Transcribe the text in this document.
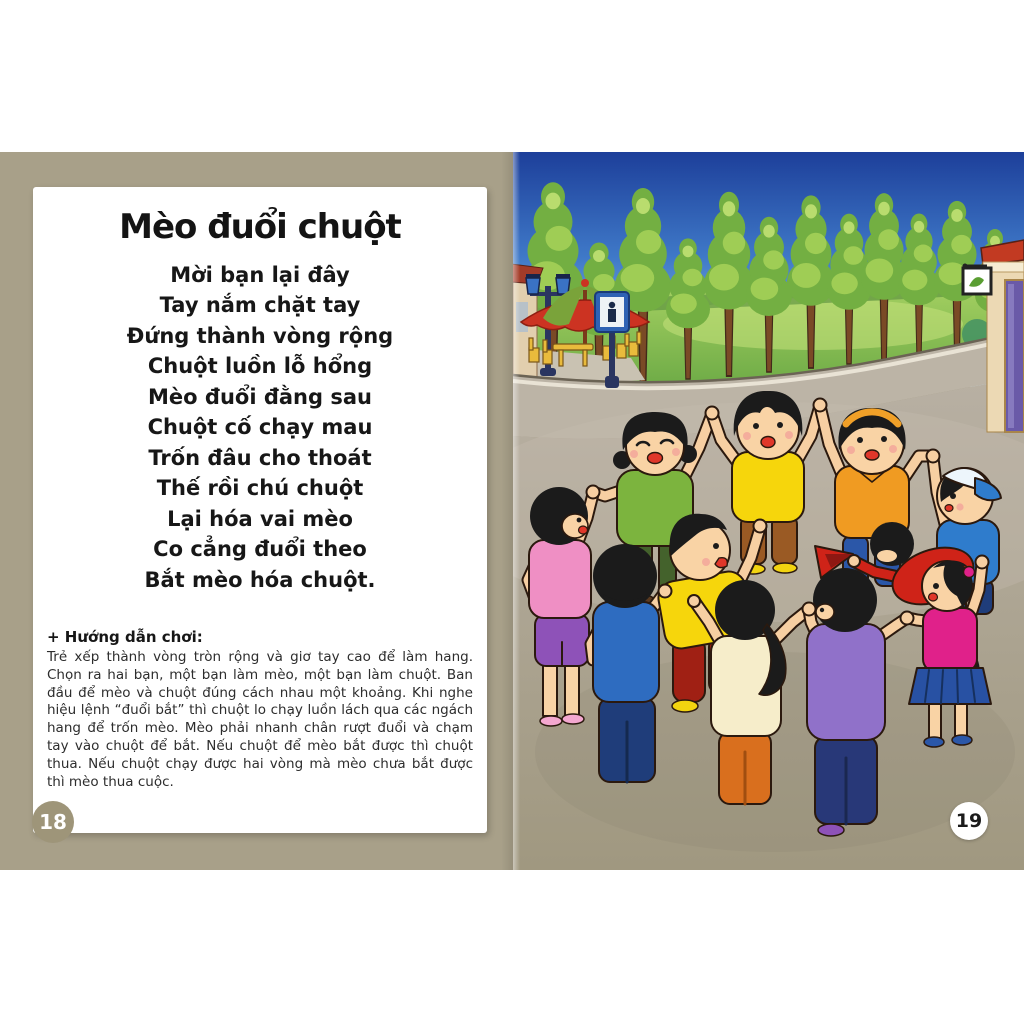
Mèo đuổi chuột
Mời bạn lại đây
Tay nắm chặt tay
Đứng thành vòng rộng
Chuột luồn lỗ hổng
Mèo đuổi đằng sau
Chuột cố chạy mau
Trốn đâu cho thoát
Thế rồi chú chuột
Lại hóa vai mèo
Co cẳng đuổi theo
Bắt mèo hóa chuột.
+ Hướng dẫn chơi:

Trẻ xếp thành vòng tròn rộng và giơ tay cao để làm hang. Chọn ra hai bạn, một bạn làm mèo, một bạn làm chuột. Ban đầu để mèo và chuột đúng cách nhau một khoảng. Khi nghe hiệu lệnh “đuổi bắt” thì chuột lo chạy luồn lách qua các ngách hang để trốn mèo. Mèo phải nhanh chân rượt đuổi và chạm tay vào chuột để bắt. Nếu chuột để mèo bắt được thì chuột thua. Nếu chuột chạy được hai vòng mà mèo chưa bắt được thì mèo thua cuộc.

18	19
